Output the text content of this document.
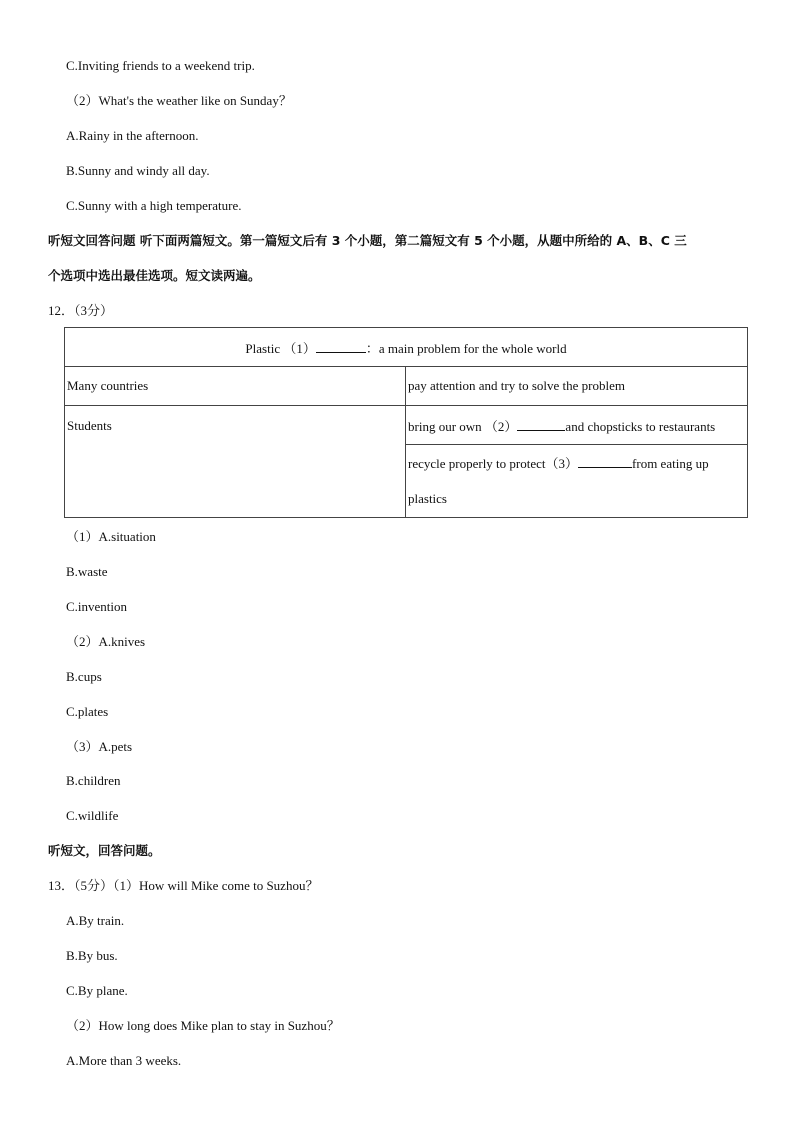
C.Inviting friends to a weekend trip.
（2）What's the weather like on Sunday？
A.Rainy in the afternoon.
B.Sunny and windy all day.
C.Sunny with a high temperature.
听短文回答问题 听下面两篇短文。第一篇短文后有 3 个小题，第二篇短文有 5 个小题，从题中所给的 A、B、C 三
个选项中选出最佳选项。短文读两遍。
12．（3分）
Plastic （1） ：a main problem for the whole world	
Many countries	pay attention and try to solve the problem
Students	bring our own （2） and chopsticks to restaurants
	recycle properly to protect（3） from eating up
plastics
（1）A.situation
B.waste
C.invention
（2）A.knives
B.cups
C.plates
（3）A.pets
B.children
C.wildlife
听短文，回答问题。
13．（5分）（1）How will Mike come to Suzhou？
A.By train.
B.By bus.
C.By plane.
（2）How long does Mike plan to stay in Suzhou？
A.More than 3 weeks.
